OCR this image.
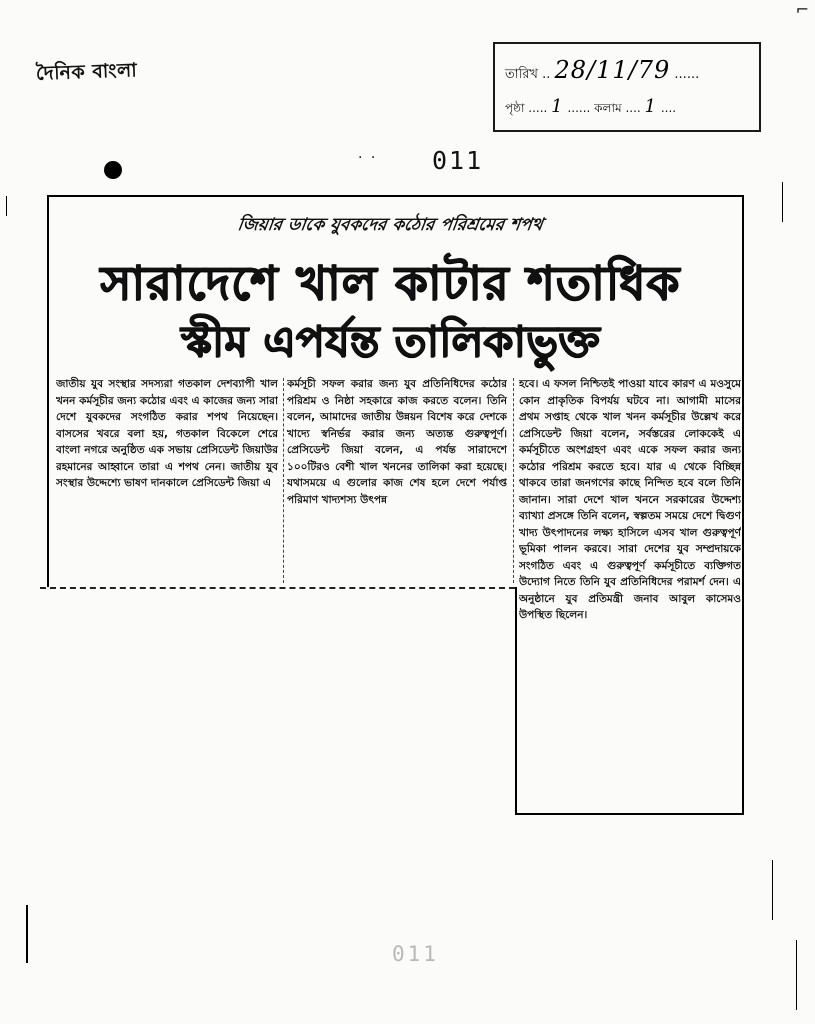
দৈনিক বাংলা	তারিখ .. 28/11/79 ......
পৃষ্ঠা ..... 1 ...... কলাম .... 1 ....
· · 011
জিয়ার ডাকে যুবকদের কঠোর পরিশ্রমের শপথ
সারাদেশে খাল কাটার শতাধিক
স্কীম এপর্যন্ত তালিকাভুক্ত
জাতীয় যুব সংস্থার সদস্যরা গতকাল দেশব্যাপী খাল খনন কর্মসূচীর জন্য কঠোর এবং এ কাজের জন্য সারা দেশে যুবকদের সংগঠিত করার শপথ নিয়েছেন। বাসসের খবরে বলা হয়, গতকাল বিকেলে শেরে বাংলা নগরে অনুষ্ঠিত এক সভায় প্রেসিডেন্ট জিয়াউর রহমানের আহ্বানে তারা এ শপথ নেন। জাতীয় যুব সংস্থার উদ্দেশ্যে ভাষণ দানকালে প্রেসিডেন্ট জিয়া এ
কর্মসূচী সফল করার জন্য যুব প্রতিনিধিদের কঠোর পরিশ্রম ও নিষ্ঠা সহকারে কাজ করতে বলেন। তিনি বলেন, আমাদের জাতীয় উন্নয়ন বিশেষ করে দেশকে খাদ্যে স্বনির্ভর করার জন্য অত্যন্ত গুরুত্বপূর্ণ। প্রেসিডেন্ট জিয়া বলেন, এ পর্যন্ত সারাদেশে ১০০টিরও বেশী খাল খননের তালিকা করা হয়েছে। যথাসময়ে এ গুলোর কাজ শেষ হলে দেশে পর্যাপ্ত পরিমাণ খাদ্যশস্য উৎপন্ন
হবে। এ ফসল নিশ্চিতই পাওয়া যাবে কারণ এ মওসুমে কোন প্রাকৃতিক বিপর্যয় ঘটবে না। আগামী মাসের প্রথম সপ্তাহ থেকে খাল খনন কর্মসূচীর উল্লেখ করে প্রেসিডেন্ট জিয়া বলেন, সর্বস্তরের লোককেই এ কর্মসূচীতে অংশগ্রহণ এবং একে সফল করার জন্য কঠোর পরিশ্রম করতে হবে। যার এ থেকে বিচ্ছিন্ন থাকবে তারা জনগণের কাছে নিন্দিত হবে বলে তিনি জানান। সারা দেশে খাল খননে সরকারের উদ্দেশ্য ব্যাখ্যা প্রসঙ্গে তিনি বলেন, স্বল্পতম সময়ে দেশে দ্বিগুণ খাদ্য উৎপাদনের লক্ষ্য হাসিলে এসব খাল গুরুত্বপূর্ণ ভূমিকা পালন করবে। সারা দেশের যুব সম্প্রদায়কে সংগঠিত এবং এ গুরুত্বপূর্ণ কর্মসূচীতে ব্যক্তিগত উদ্যোগ নিতে তিনি যুব প্রতিনিধিদের পরামর্শ দেন। এ অনুষ্ঠানে যুব প্রতিমন্ত্রী জনাব আবুল কাসেমও উপস্থিত ছিলেন।
⌐
011
